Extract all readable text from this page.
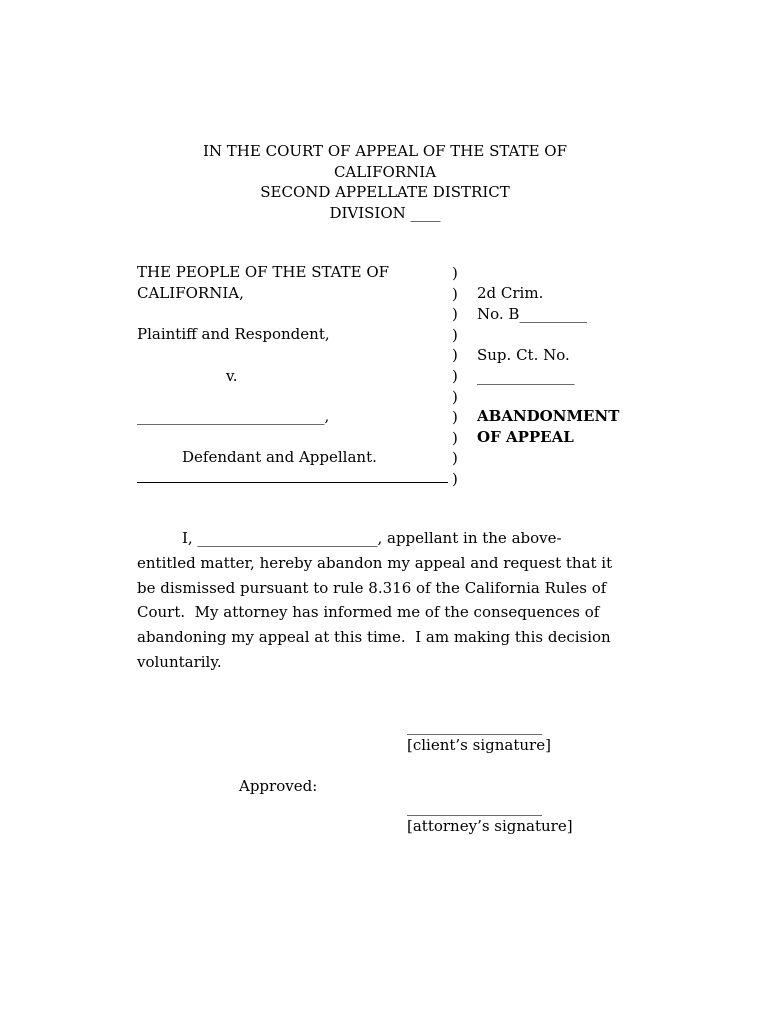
IN THE COURT OF APPEAL OF THE STATE OF
CALIFORNIA
SECOND APPELLATE DISTRICT
DIVISION ____
THE PEOPLE OF THE STATE OF
CALIFORNIA,
Plaintiff and Respondent,
v.
_________________________,
Defendant and Appellant.
)
)
)
)
)
)
)
)
)
)
)
2d Crim.
No. B_________
Sup. Ct. No.
_____________
ABANDONMENT
OF APPEAL
I, ________________________, appellant in the above-
entitled matter, hereby abandon my appeal and request that it
be dismissed pursuant to rule 8.316 of the California Rules of
Court.  My attorney has informed me of the consequences of
abandoning my appeal at this time.  I am making this decision
voluntarily.
__________________
[client’s signature]
Approved:
__________________
[attorney’s signature]
